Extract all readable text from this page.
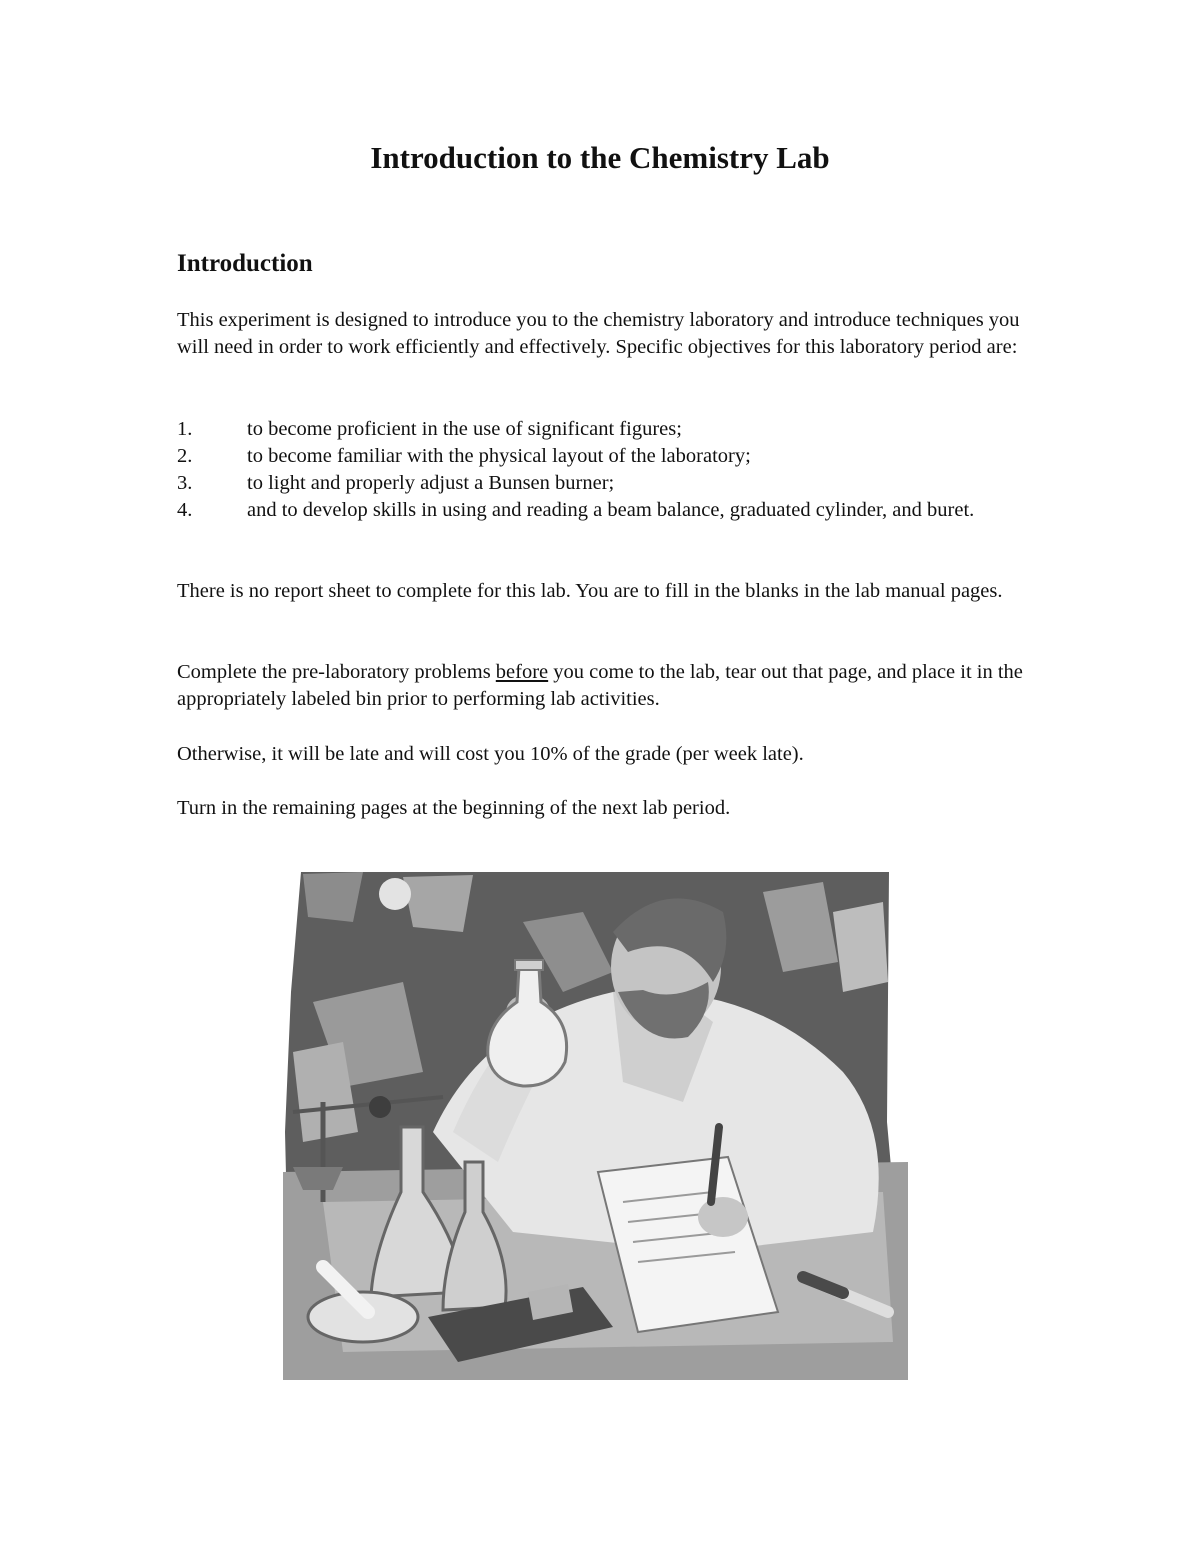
Introduction to the Chemistry Lab
Introduction

This experiment is designed to introduce you to the chemistry laboratory and introduce techniques you will need in order to work efficiently and effectively. Specific objectives for this laboratory period are:

1.	to become proficient in the use of significant figures;
2.	to become familiar with the physical layout of the laboratory;
3.	to light and properly adjust a Bunsen burner;
4.	and to develop skills in using and reading a beam balance, graduated cylinder, and buret.

There is no report sheet to complete for this lab. You are to fill in the blanks in the lab manual pages.

Complete the pre-laboratory problems before you come to the lab, tear out that page, and place it in the appropriately labeled bin prior to performing lab activities.

Otherwise, it will be late and will cost you 10% of the grade (per week late).

Turn in the remaining pages at the beginning of the next lab period.
